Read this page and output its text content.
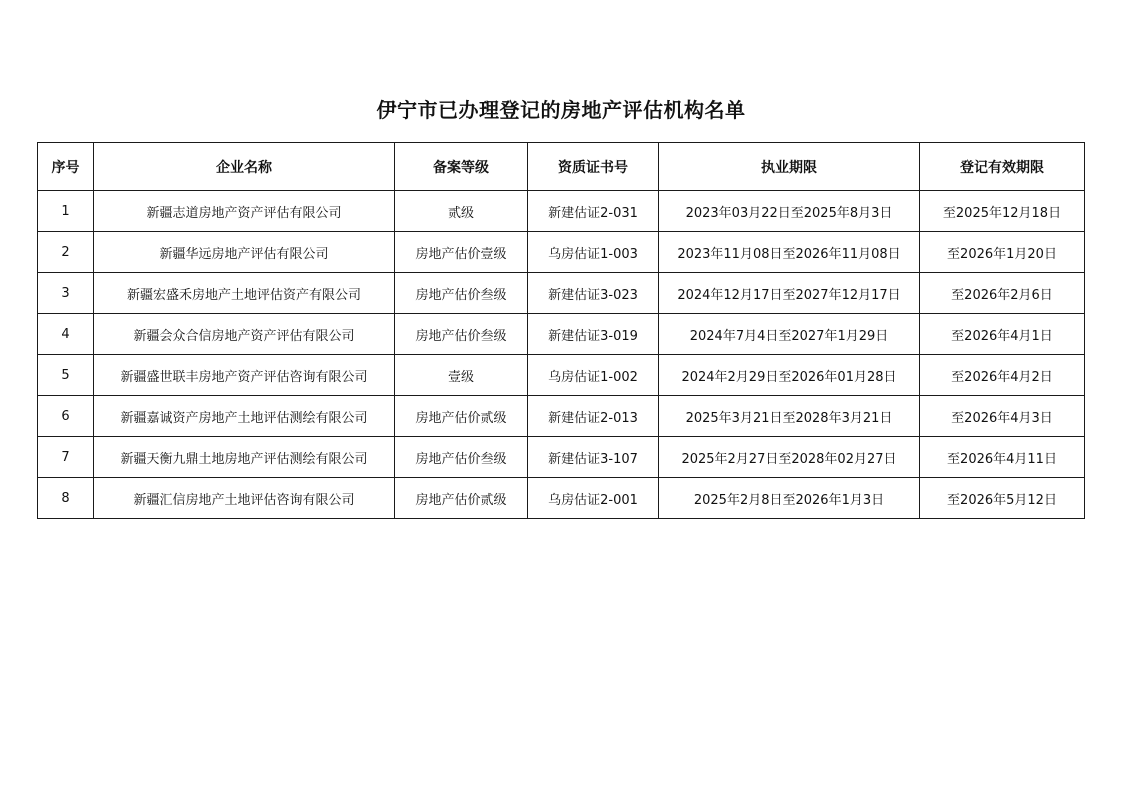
伊宁市已办理登记的房地产评估机构名单
序号	企业名称	备案等级	资质证书号	执业期限	登记有效期限
1	新疆志道房地产资产评估有限公司	贰级	新建估证2-031	2023年03月22日至2025年8月3日	至2025年12月18日
2	新疆华远房地产评估有限公司	房地产估价壹级	乌房估证1-003	2023年11月08日至2026年11月08日	至2026年1月20日
3	新疆宏盛禾房地产土地评估资产有限公司	房地产估价叁级	新建估证3-023	2024年12月17日至2027年12月17日	至2026年2月6日
4	新疆会众合信房地产资产评估有限公司	房地产估价叁级	新建估证3-019	2024年7月4日至2027年1月29日	至2026年4月1日
5	新疆盛世联丰房地产资产评估咨询有限公司	壹级	乌房估证1-002	2024年2月29日至2026年01月28日	至2026年4月2日
6	新疆嘉诚资产房地产土地评估测绘有限公司	房地产估价贰级	新建估证2-013	2025年3月21日至2028年3月21日	至2026年4月3日
7	新疆天衡九鼎土地房地产评估测绘有限公司	房地产估价叁级	新建估证3-107	2025年2月27日至2028年02月27日	至2026年4月11日
8	新疆汇信房地产土地评估咨询有限公司	房地产估价贰级	乌房估证2-001	2025年2月8日至2026年1月3日	至2026年5月12日
